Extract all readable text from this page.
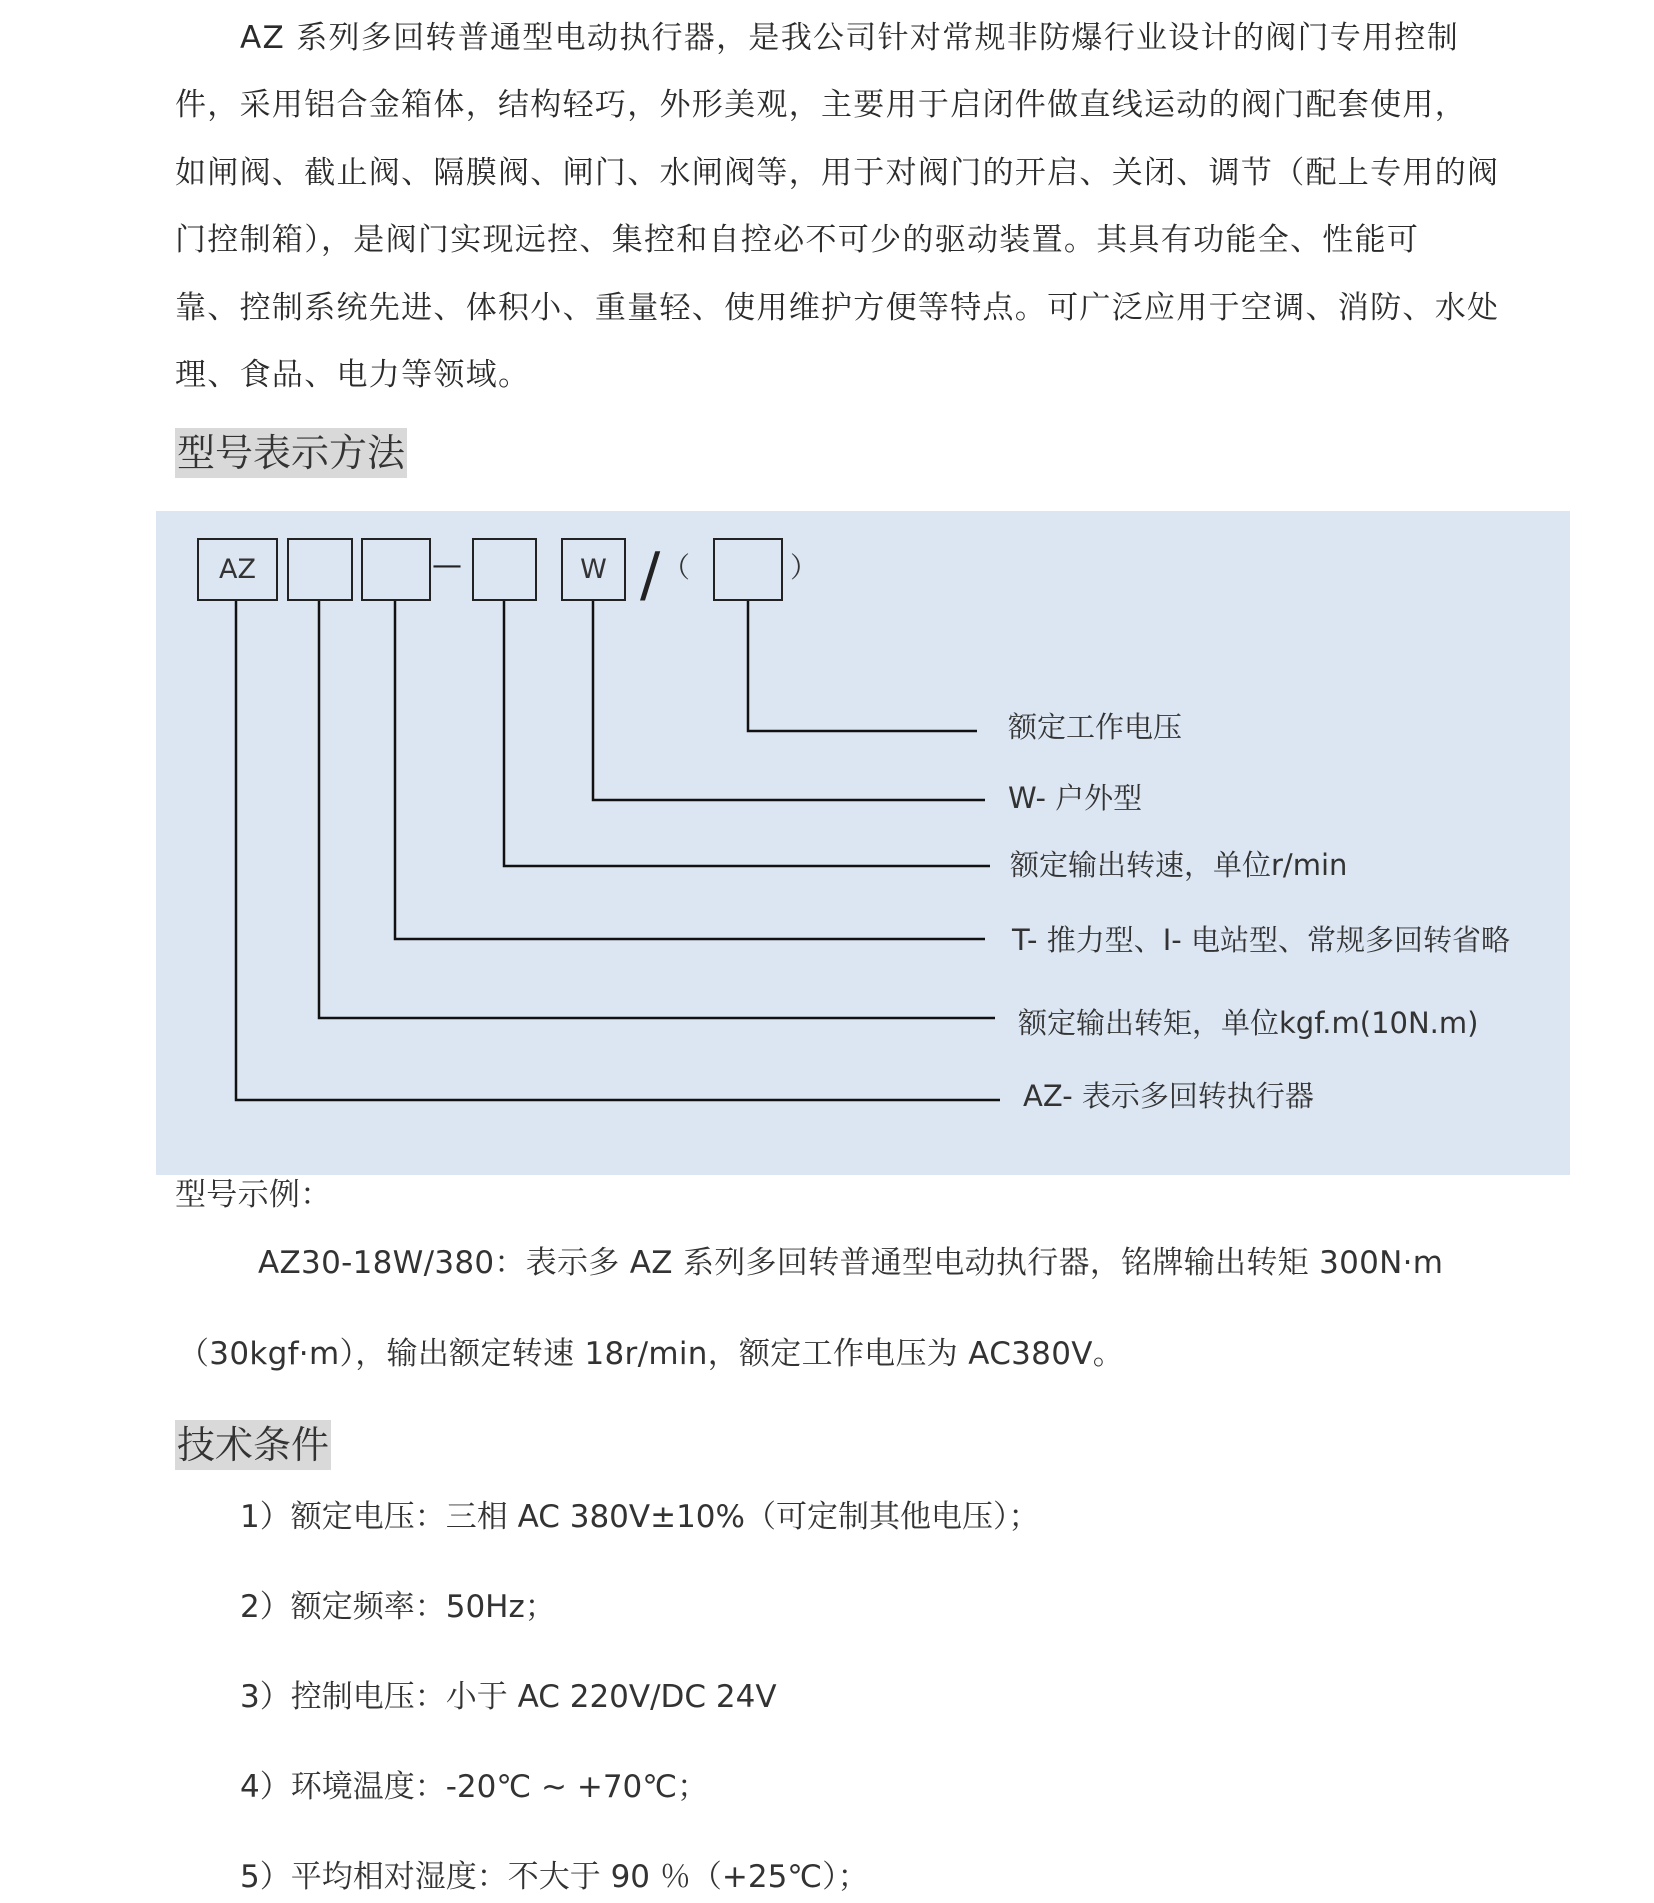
AZ 系列多回转普通型电动执行器，是我公司针对常规非防爆行业设计的阀门专用控制
件，采用铝合金箱体，结构轻巧，外形美观，主要用于启闭件做直线运动的阀门配套使用，
如闸阀、截止阀、隔膜阀、闸门、水闸阀等，用于对阀门的开启、关闭、调节（配上专用的阀
门控制箱），是阀门实现远控、集控和自控必不可少的驱动装置。其具有功能全、性能可
靠、控制系统先进、体积小、重量轻、使用维护方便等特点。可广泛应用于空调、消防、水处
理、食品、电力等领域。
型号表示方法
AZ	—	W / （	）
额定工作电压
W- 户外型
额定输出转速，单位r/min
T- 推力型、I- 电站型、常规多回转省略
额定输出转矩，单位kgf.m(10N.m)
AZ- 表示多回转执行器
型号示例：
AZ30-18W/380：表示多 AZ 系列多回转普通型电动执行器，铭牌输出转矩 300N·m
（30kgf·m），输出额定转速 18r/min，额定工作电压为 AC380V。
技术条件
1）额定电压：三相 AC 380V±10%（可定制其他电压）；
2）额定频率：50Hz；
3）控制电压：小于 AC 220V/DC 24V
4）环境温度：-20℃ ~ +70℃；
5）平均相对湿度：不大于 90 ％（+25℃）；
